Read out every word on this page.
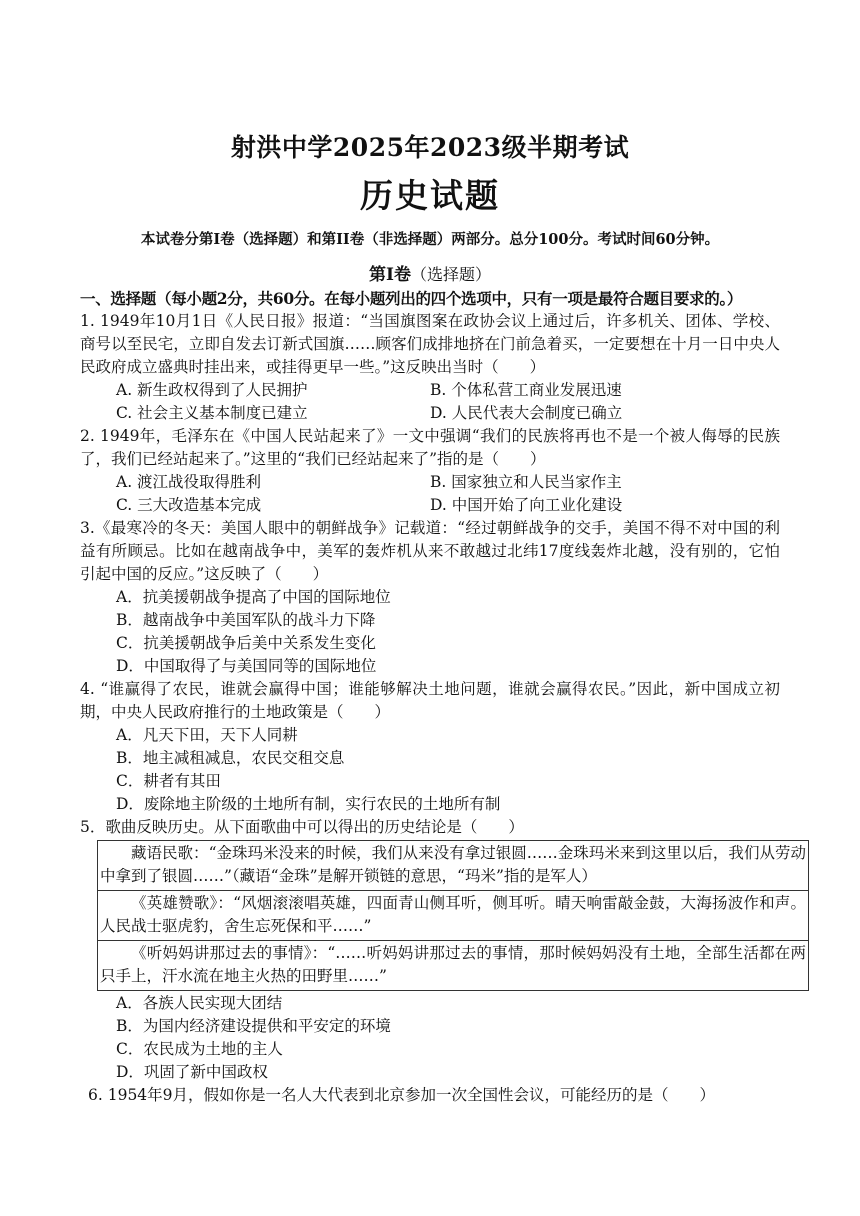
射洪中学2025年2023级半期考试
历史试题
本试卷分第I卷（选择题）和第II卷（非选择题）两部分。总分100分。考试时间60分钟。
第I卷（选择题）

一、选择题（每小题2分，共60分。在每小题列出的四个选项中，只有一项是最符合题目要求的。）

1. 1949年10月1日《人民日报》报道：“当国旗图案在政协会议上通过后，许多机关、团体、学校、商号以至民宅，立即自发去订新式国旗……顾客们成排地挤在门前急着买，一定要想在十月一日中央人民政府成立盛典时挂出来，或挂得更早一些。”这反映出当时（　　）

A. 新生政权得到了人民拥护	B. 个体私营工商业发展迅速
C. 社会主义基本制度已建立	D. 人民代表大会制度已确立

2. 1949年，毛泽东在《中国人民站起来了》一文中强调“我们的民族将再也不是一个被人侮辱的民族了，我们已经站起来了。”这里的“我们已经站起来了”指的是（　　）

A. 渡江战役取得胜利	B. 国家独立和人民当家作主
C. 三大改造基本完成	D. 中国开始了向工业化建设

3.《最寒冷的冬天：美国人眼中的朝鲜战争》记载道：“经过朝鲜战争的交手，美国不得不对中国的利益有所顾忌。比如在越南战争中，美军的轰炸机从来不敢越过北纬17度线轰炸北越，没有别的，它怕引起中国的反应。”这反映了（　　）

A．抗美援朝战争提高了中国的国际地位

B．越南战争中美国军队的战斗力下降

C．抗美援朝战争后美中关系发生变化

D．中国取得了与美国同等的国际地位

4. “谁赢得了农民，谁就会赢得中国；谁能够解决土地问题，谁就会赢得农民。”因此，新中国成立初期，中央人民政府推行的土地政策是（　　）

A．凡天下田，天下人同耕

B．地主减租减息，农民交租交息

C．耕者有其田

D．废除地主阶级的土地所有制，实行农民的土地所有制

5．歌曲反映历史。从下面歌曲中可以得出的历史结论是（　　）

藏语民歌：“金珠玛米没来的时候，我们从来没有拿过银圆……金珠玛米来到这里以后，我们从劳动中拿到了银圆……”（藏语“金珠”是解开锁链的意思，“玛米”指的是军人）
《英雄赞歌》：“风烟滚滚唱英雄，四面青山侧耳听，侧耳听。晴天响雷敲金鼓，大海扬波作和声。人民战士驱虎豹，舍生忘死保和平……”
《听妈妈讲那过去的事情》：“……听妈妈讲那过去的事情，那时候妈妈没有土地，全部生活都在两只手上，汗水流在地主火热的田野里……”

A．各族人民实现大团结

B．为国内经济建设提供和平安定的环境

C．农民成为土地的主人

D．巩固了新中国政权

6. 1954年9月，假如你是一名人大代表到北京参加一次全国性会议，可能经历的是（　　）
